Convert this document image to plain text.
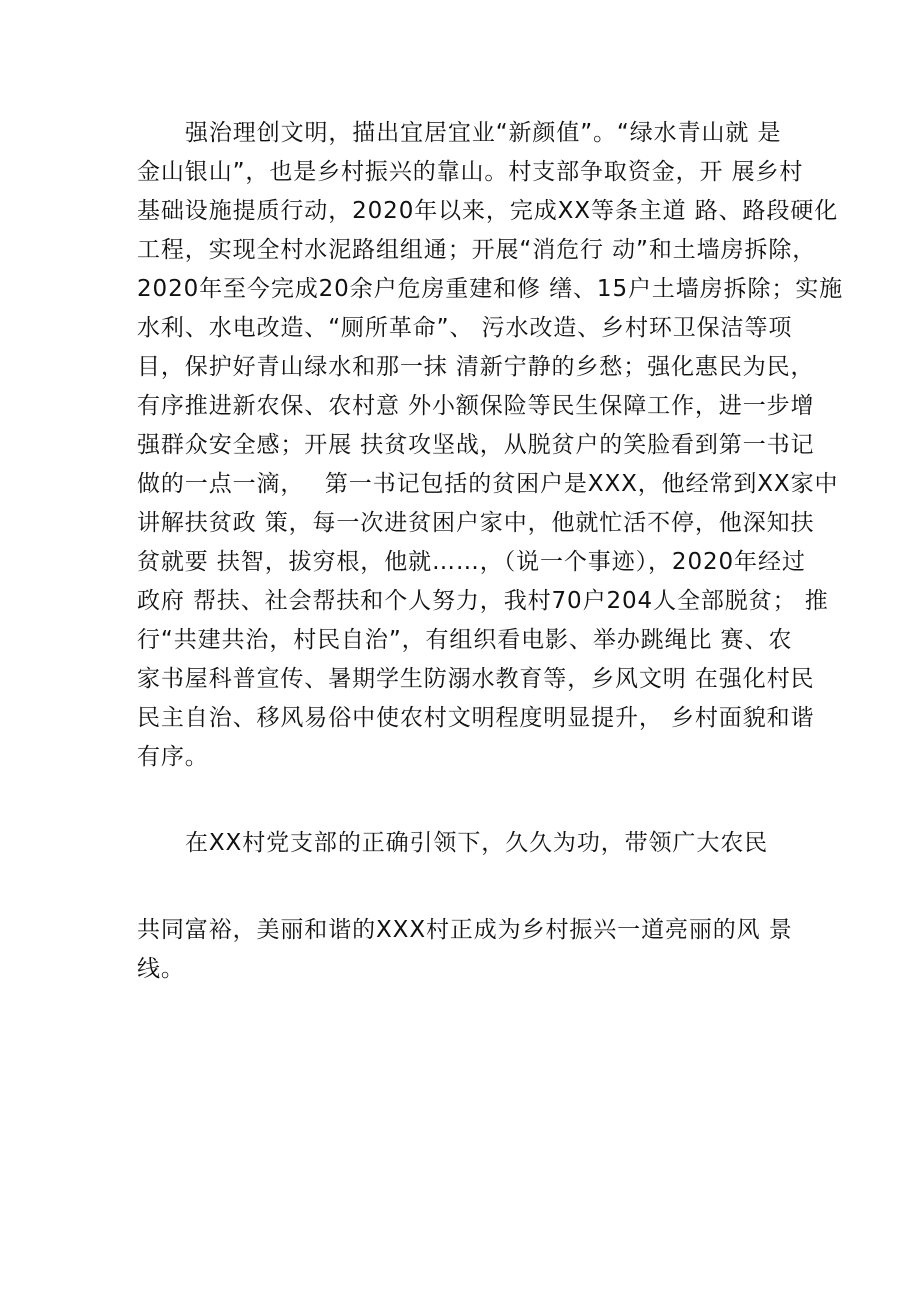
强治理创文明，描出宜居宜业“新颜值”。“绿水青山就 是
金山银山”，也是乡村振兴的靠山。村支部争取资金，开 展乡村
基础设施提质行动，2020年以来，完成XX等条主道 路、路段硬化
工程，实现全村水泥路组组通；开展“消危行 动”和土墙房拆除，
2020年至今完成20余户危房重建和修 缮、15户土墙房拆除；实施
水利、水电改造、“厕所革命”、 污水改造、乡村环卫保洁等项
目，保护好青山绿水和那一抹 清新宁静的乡愁；强化惠民为民，
有序推进新农保、农村意 外小额保险等民生保障工作，进一步增
强群众安全感；开展 扶贫攻坚战，从脱贫户的笑脸看到第一书记
做的一点一滴，　 第一书记包括的贫困户是XXX，他经常到XX家中
讲解扶贫政 策，每一次进贫困户家中，他就忙活不停，他深知扶
贫就要 扶智，拔穷根，他就……，（说一个事迹），2020年经过
政府 帮扶、社会帮扶和个人努力，我村70户204人全部脱贫； 推
行“共建共治，村民自治”，有组织看电影、举办跳绳比 赛、农
家书屋科普宣传、暑期学生防溺水教育等，乡风文明 在强化村民
民主自治、移风易俗中使农村文明程度明显提升， 乡村面貌和谐
有序。
在XX村党支部的正确引领下，久久为功，带领广大农民
共同富裕，美丽和谐的XXX村正成为乡村振兴一道亮丽的风 景
线。
